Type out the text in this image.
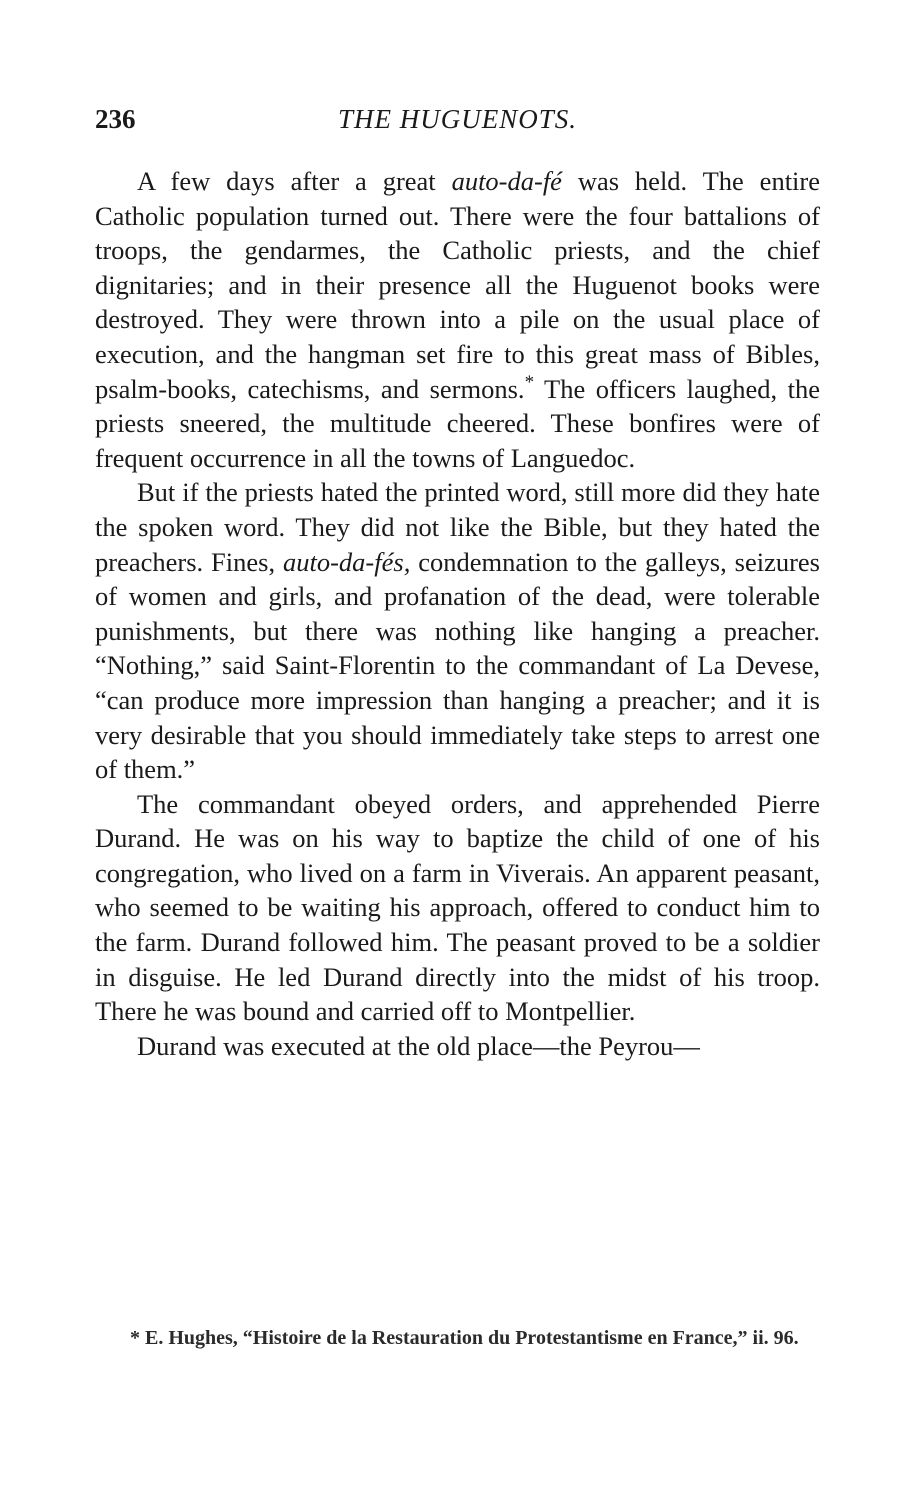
236	THE HUGUENOTS.

A few days after a great auto-da-fé was held. The entire Catholic population turned out. There were the four battalions of troops, the gendarmes, the Catholic priests, and the chief dignitaries; and in their presence all the Huguenot books were destroyed. They were thrown into a pile on the usual place of execution, and the hangman set fire to this great mass of Bibles, psalm-books, catechisms, and sermons.* The officers laughed, the priests sneered, the multitude cheered. These bonfires were of frequent occurrence in all the towns of Languedoc.

But if the priests hated the printed word, still more did they hate the spoken word. They did not like the Bible, but they hated the preachers. Fines, auto-da-fés, condemnation to the galleys, seizures of women and girls, and profanation of the dead, were tolerable punishments, but there was nothing like hanging a preacher. “Nothing,” said Saint-Florentin to the commandant of La Devese, “can produce more impression than hanging a preacher; and it is very desirable that you should immediately take steps to arrest one of them.”

The commandant obeyed orders, and apprehended Pierre Durand. He was on his way to baptize the child of one of his congregation, who lived on a farm in Viverais. An apparent peasant, who seemed to be waiting his approach, offered to conduct him to the farm. Durand followed him. The peasant proved to be a soldier in disguise. He led Durand directly into the midst of his troop. There he was bound and carried off to Montpellier.

Durand was executed at the old place—the Peyrou—

* E. Hughes, “Histoire de la Restauration du Protestantisme en France,” ii. 96.
